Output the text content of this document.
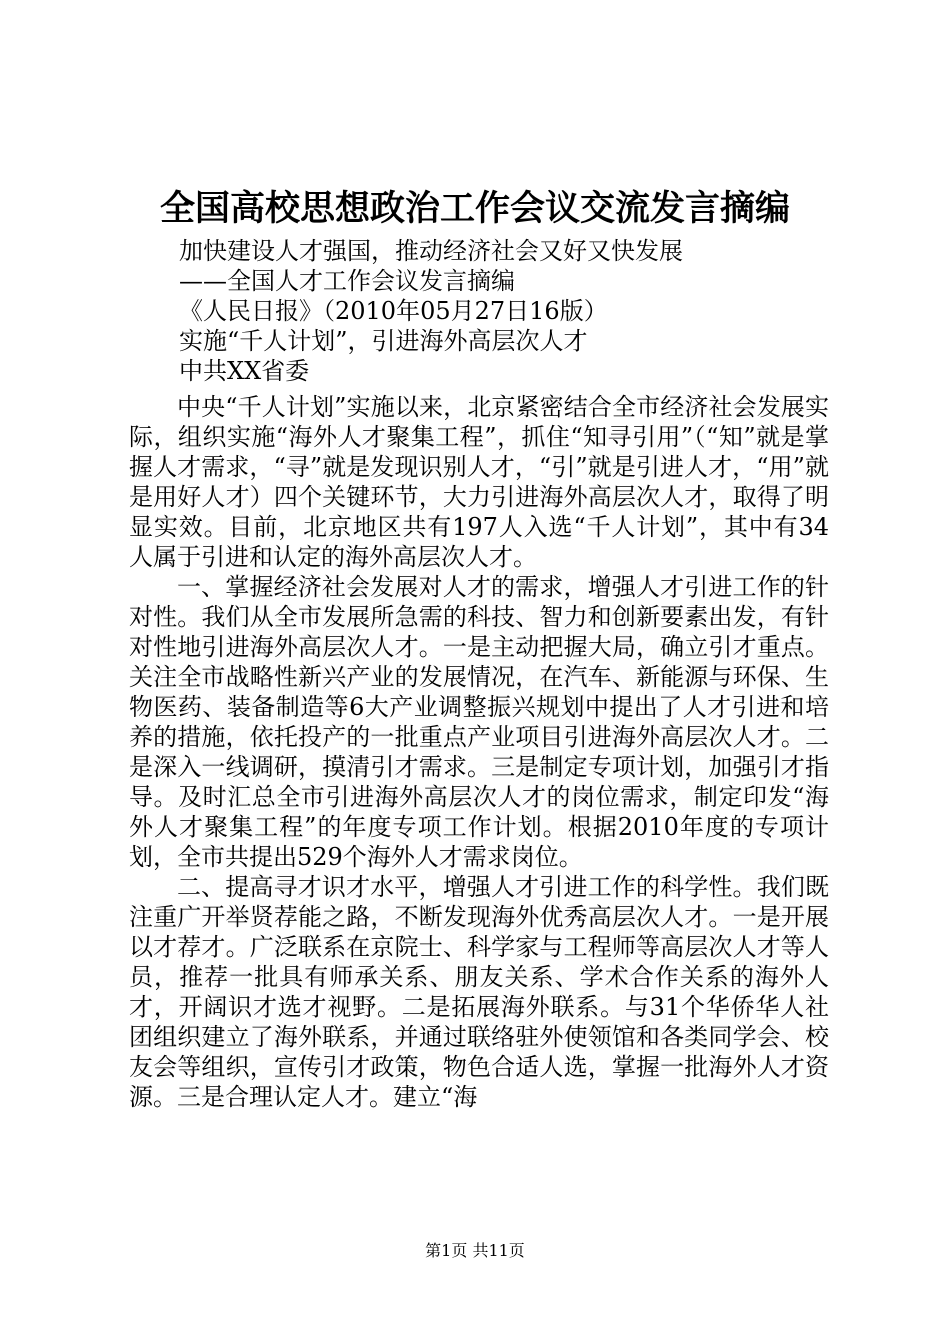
全国高校思想政治工作会议交流发言摘编
加快建设人才强国，推动经济社会又好又快发展
——全国人才工作会议发言摘编
《人民日报》（2010年05月27日16版）
实施“千人计划”，引进海外高层次人才
中共XX省委

中央“千人计划”实施以来，北京紧密结合全市经济社会发展实际，组织实施“海外人才聚集工程”，抓住“知寻引用”（“知”就是掌握人才需求，“寻”就是发现识别人才，“引”就是引进人才，“用”就是用好人才）四个关键环节，大力引进海外高层次人才，取得了明显实效。目前，北京地区共有197人入选“千人计划”，其中有34人属于引进和认定的海外高层次人才。

一、掌握经济社会发展对人才的需求，增强人才引进工作的针对性。我们从全市发展所急需的科技、智力和创新要素出发，有针对性地引进海外高层次人才。一是主动把握大局，确立引才重点。关注全市战略性新兴产业的发展情况，在汽车、新能源与环保、生物医药、装备制造等6大产业调整振兴规划中提出了人才引进和培养的措施，依托投产的一批重点产业项目引进海外高层次人才。二是深入一线调研，摸清引才需求。三是制定专项计划，加强引才指导。及时汇总全市引进海外高层次人才的岗位需求，制定印发“海外人才聚集工程”的年度专项工作计划。根据2010年度的专项计划，全市共提出529个海外人才需求岗位。

二、提高寻才识才水平，增强人才引进工作的科学性。我们既注重广开举贤荐能之路，不断发现海外优秀高层次人才。一是开展以才荐才。广泛联系在京院士、科学家与工程师等高层次人才等人员，推荐一批具有师承关系、朋友关系、学术合作关系的海外人才，开阔识才选才视野。二是拓展海外联系。与31个华侨华人社团组织建立了海外联系，并通过联络驻外使领馆和各类同学会、校友会等组织，宣传引才政策，物色合适人选，掌握一批海外人才资源。三是合理认定人才。建立“海

第1页 共11页
